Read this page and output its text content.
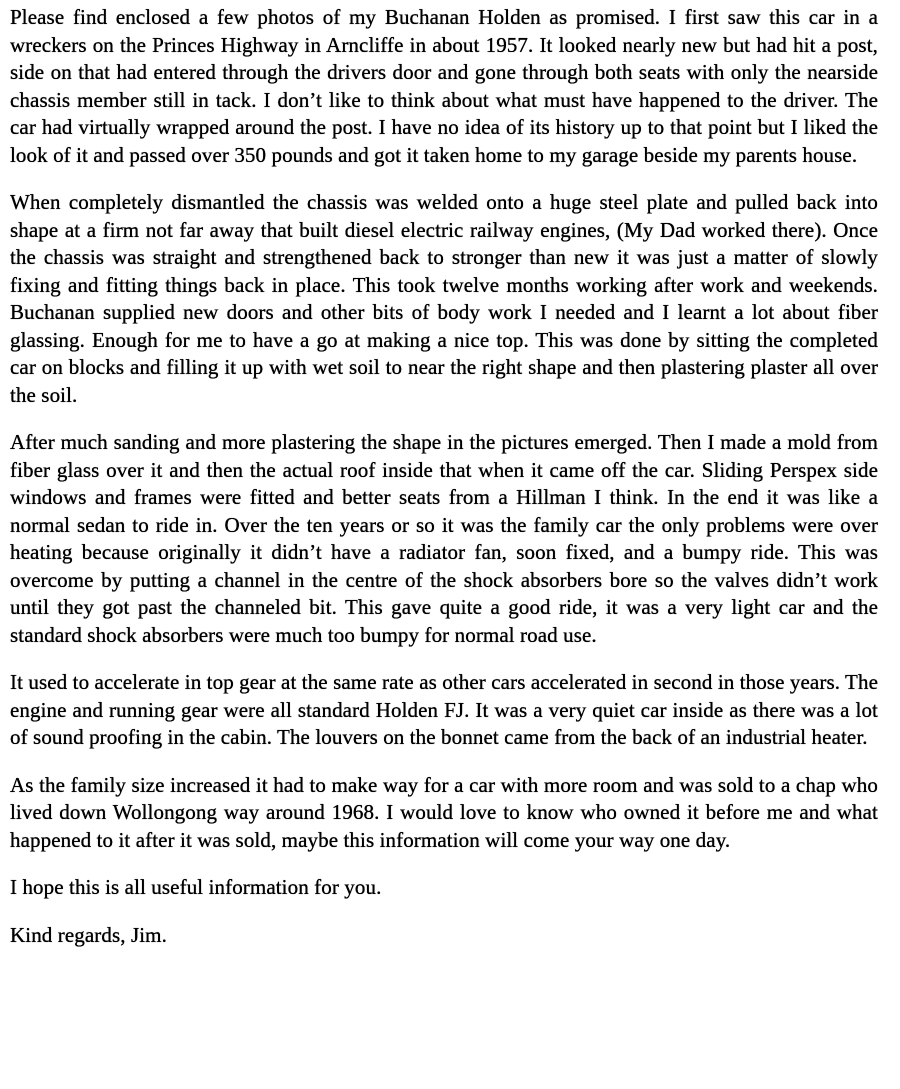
Please find enclosed a few photos of my Buchanan Holden as promised. I first saw this car in a wreckers on the Princes Highway in Arncliffe in about 1957. It looked nearly new but had hit a post, side on that had entered through the drivers door and gone through both seats with only the nearside chassis member still in tack. I don’t like to think about what must have happened to the driver. The car had virtually wrapped around the post. I have no idea of its history up to that point but I liked the look of it and passed over 350 pounds and got it taken home to my garage beside my parents house.

When completely dismantled the chassis was welded onto a huge steel plate and pulled back into shape at a firm not far away that built diesel electric railway engines, (My Dad worked there). Once the chassis was straight and strengthened back to stronger than new it was just a matter of slowly fixing and fitting things back in place. This took twelve months working after work and weekends. Buchanan supplied new doors and other bits of body work I needed and I learnt a lot about fiber glassing. Enough for me to have a go at making a nice top. This was done by sitting the completed car on blocks and filling it up with wet soil to near the right shape and then plastering plaster all over the soil.

After much sanding and more plastering the shape in the pictures emerged. Then I made a mold from fiber glass over it and then the actual roof inside that when it came off the car. Sliding Perspex side windows and frames were fitted and better seats from a Hillman I think. In the end it was like a normal sedan to ride in. Over the ten years or so it was the family car the only problems were over heating because originally it didn’t have a radiator fan, soon fixed, and a bumpy ride. This was overcome by putting a channel in the centre of the shock absorbers bore so the valves didn’t work until they got past the channeled bit. This gave quite a good ride, it was a very light car and the standard shock absorbers were much too bumpy for normal road use.

It used to accelerate in top gear at the same rate as other cars accelerated in second in those years. The engine and running gear were all standard Holden FJ. It was a very quiet car inside as there was a lot of sound proofing in the cabin. The louvers on the bonnet came from the back of an industrial heater.

As the family size increased it had to make way for a car with more room and was sold to a chap who lived down Wollongong way around 1968. I would love to know who owned it before me and what happened to it after it was sold, maybe this information will come your way one day.

I hope this is all useful information for you.

Kind regards, Jim.
